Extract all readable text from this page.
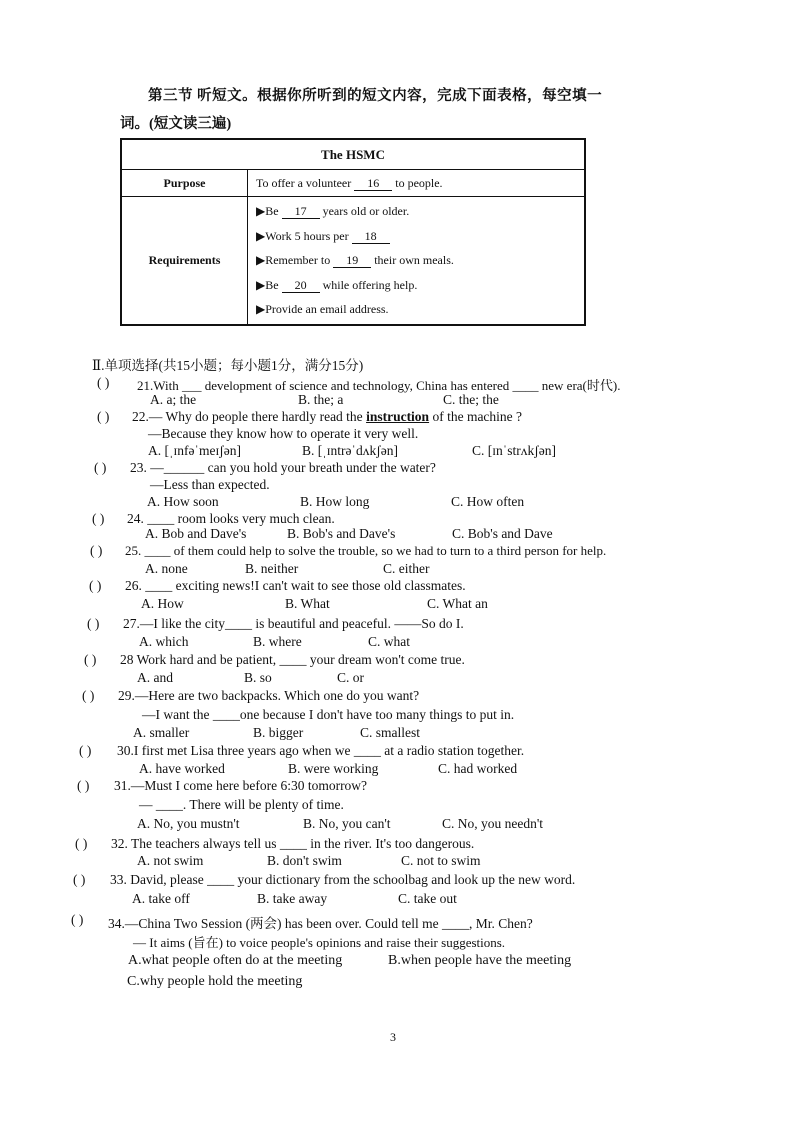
第三节 听短文。根据你所听到的短文内容，完成下面表格，每空填一
词。(短文读三遍)
The HSMC	
Purpose	To offer a volunteer 16 to people.
Requirements	▶Be 17 years old or older.
▶Work 5 hours per 18
▶Remember to 19 their own meals.
▶Be 20 while offering help.
▶Provide an email address.
Ⅱ.单项选择(共15小题；每小题1分，满分15分)
( ) 21.With ___ development of science and technology, China has entered ____ new era(时代).
A. a; the	B. the; a	C. the; the
( ) 22.— Why do people there hardly read the instruction of the machine ?
—Because they know how to operate it very well.
A. [ˌɪnfəˈmeɪʃən]	B. [ˌɪntrəˈdʌkʃən]	C. [ɪnˈstrʌkʃən]
( ) 23. —______ can you hold your breath under the water?
—Less than expected.
A. How soon	B. How long	C. How often
( ) 24. ____ room looks very much clean.
A. Bob and Dave's	B. Bob's and Dave's	C. Bob's and Dave
( ) 25. ____ of them could help to solve the trouble, so we had to turn to a third person for help.
A. none	B. neither	C. either
( ) 26. ____ exciting news!I can't wait to see those old classmates.
A. How	B. What	C. What an
( ) 27.—I like the city____ is beautiful and peaceful. ——So do I.
A. which	B. where	C. what
( ) 28 Work hard and be patient, ____ your dream won't come true.
A. and	B. so	C. or
( ) 29.—Here are two backpacks. Which one do you want?
—I want the ____one because I don't have too many things to put in.
A. smaller	B. bigger	C. smallest
( ) 30.I first met Lisa three years ago when we ____ at a radio station together.
A. have worked	B. were working	C. had worked
( ) 31.—Must I come here before 6:30 tomorrow?
— ____. There will be plenty of time.
A. No, you mustn't	B. No, you can't	C. No, you needn't
( ) 32. The teachers always tell us ____ in the river. It's too dangerous.
A. not swim	B. don't swim	C. not to swim
( ) 33. David, please ____ your dictionary from the schoolbag and look up the new word.
A. take off	B. take away	C. take out
( ) 34.—China Two Session (两会) has been over. Could tell me ____, Mr. Chen?
— It aims (旨在) to voice people's opinions and raise their suggestions.
A.what people often do at the meeting	B.when people have the meeting
C.why people hold the meeting
3
